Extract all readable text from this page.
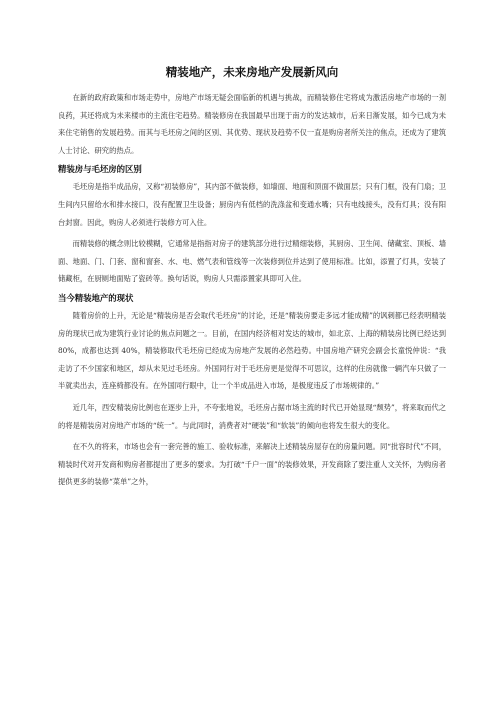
精装地产，未来房地产发展新风向

在新的政府政策和市场走势中，房地产市场无疑会面临新的机遇与挑战，而精装修住宅将成为激活房地产市场的一剂良药，其还将成为未来楼市的主流住宅趋势。精装修房在我国最早出现于南方的发达城市，后来日渐发展，如今已成为未来住宅销售的发展趋势。而其与毛坯房之间的区别、其优势、现状及趋势不仅一直是购房者所关注的焦点，还成为了建筑人士讨论、研究的热点。

精装房与毛坯房的区别

毛坯房是指半成品房，又称“初装修房”，其内部不做装修，如墙面、地面和顶面不做面层；只有门框，没有门扇；卫生间内只留给水和排水接口，没有配置卫生设备；厨房内有低档的洗涤盆和变通水嘴；只有电线接头，没有灯具；没有阳台封窗。因此，购房人必须进行装修方可入住。

而精装修的概念则比较模糊，它通常是指指对房子的建筑部分进行过精细装修，其厨房、卫生间、储藏室、顶板、墙面、地面、门、门套、窗和窗套、水、电、燃气表和管线等一次装修到位并达到了使用标准。比如，添置了灯具，安装了储藏柜，在厨厕地面贴了瓷砖等。换句话说，购房人只需添置家具即可入住。

当今精装地产的现状

随着房价的上升，无论是“精装房是否会取代毛坯房”的讨论，还是“精装房要走多远才能成精”的讽刺都已经表明精装房的现状已成为建筑行业讨论的焦点问题之一。目前，在国内经济相对发达的城市，如北京、上海的精装房比例已经达到 80%，成都也达到 40%，精装修取代毛坯房已经成为房地产发展的必然趋势。中国房地产研究会副会长童悦仲说：“我走访了不少国家和地区，却从未见过毛坯房。外国同行对于毛坯房更是觉得不可思议，这样的住房就像一辆汽车只做了一半就卖出去，连座椅都没有。在外国同行眼中，让一个半成品进入市场，是极度违反了市场规律的。”

近几年，西安精装房比例也在逐步上升，不夸张地说，毛坯房占据市场主流的时代已开始显现“颓势”，将来取而代之的将是精装房对房地产市场的“统一”。与此同时，消费者对“硬装”和“软装”的倾向也将发生很大的变化。

在不久的将来，市场也会有一套完善的施工、验收标准，来解决上述精装房屋存在的房量问题。同“批容时代”不同，精装时代对开发商和购房者都提出了更多的要求。为打破“千户一面”的装修效果，开发商除了要注重人文关怀，为购房者提供更多的装修“菜单”之外，
